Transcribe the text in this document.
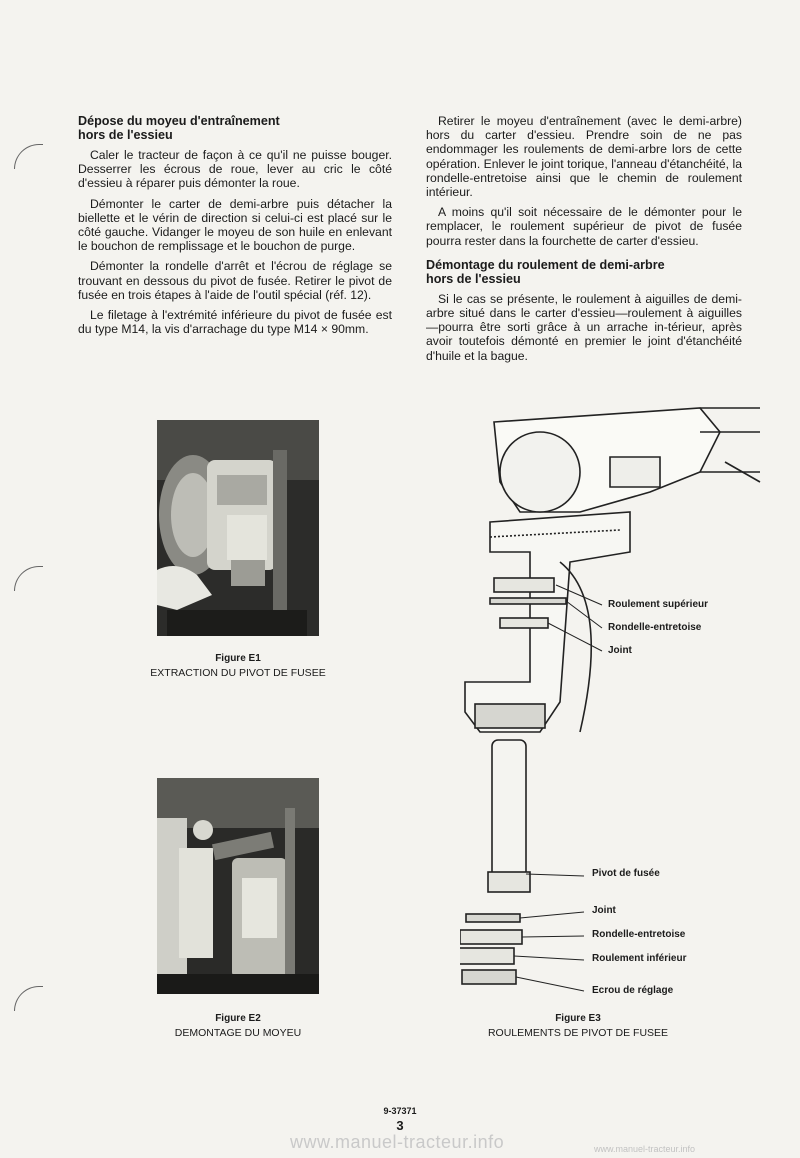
Dépose du moyeu d'entraînement
hors de l'essieu

Caler le tracteur de façon à ce qu'il ne puisse bouger. Desserrer les écrous de roue, lever au cric le côté d'essieu à réparer puis démonter la roue.

Démonter le carter de demi-arbre puis détacher la biellette et le vérin de direction si celui-ci est placé sur le côté gauche. Vidanger le moyeu de son huile en enlevant le bouchon de remplissage et le bouchon de purge.

Démonter la rondelle d'arrêt et l'écrou de réglage se trouvant en dessous du pivot de fusée. Retirer le pivot de fusée en trois étapes à l'aide de l'outil spécial (réf. 12).

Le filetage à l'extrémité inférieure du pivot de fusée est du type M14, la vis d'arrachage du type M14 × 90mm.

Retirer le moyeu d'entraînement (avec le demi-arbre) hors du carter d'essieu. Prendre soin de ne pas endommager les roulements de demi-arbre lors de cette opération. Enlever le joint torique, l'anneau d'étanchéité, la rondelle-entretoise ainsi que le chemin de roulement intérieur.

A moins qu'il soit nécessaire de le démonter pour le remplacer, le roulement supérieur de pivot de fusée pourra rester dans la fourchette de carter d'essieu.

Démontage du roulement de demi-arbre
hors de l'essieu

Si le cas se présente, le roulement à aiguilles de demi-arbre situé dans le carter d'essieu—roulement à aiguilles—pourra être sorti grâce à un arrache in-térieur, après avoir toutefois démonté en premier le joint d'étanchéité d'huile et la bague.

Figure E1
EXTRACTION DU PIVOT DE FUSEE
Figure E2
DEMONTAGE DU MOYEU
Roulement supérieur
Rondelle-entretoise
Joint
Pivot de fusée
Joint
Rondelle-entretoise
Roulement inférieur
Ecrou de réglage
Figure E3
ROULEMENTS DE PIVOT DE FUSEE
9-37371
3
www.manuel-tracteur.info	www.manuel-tracteur.info
